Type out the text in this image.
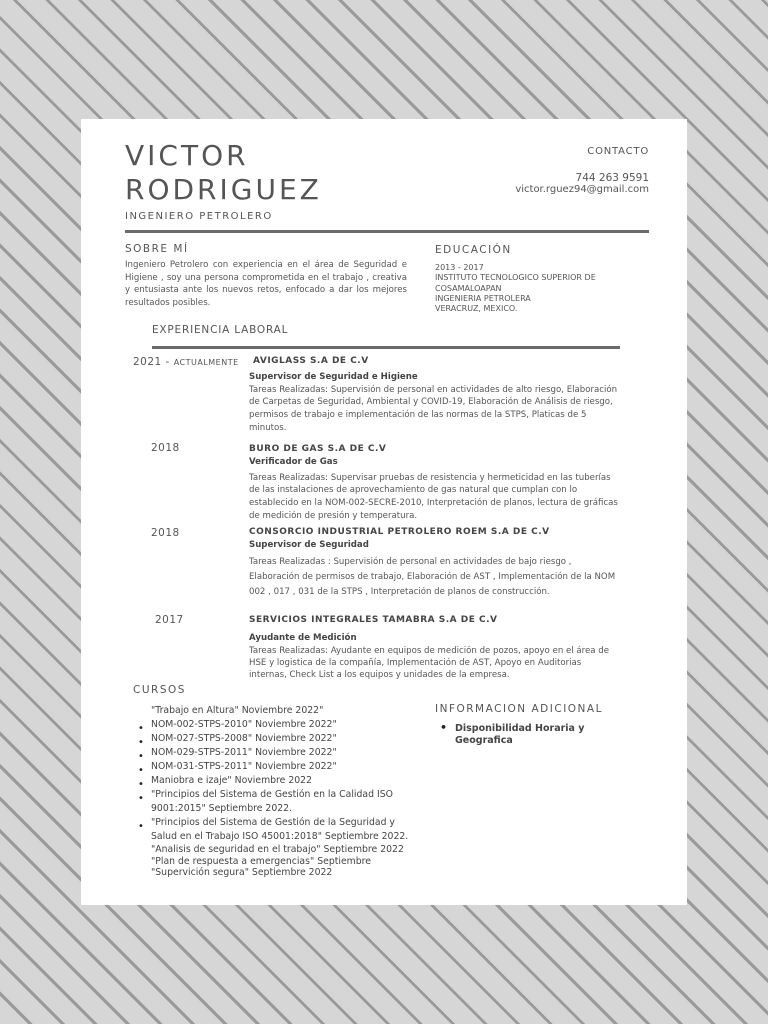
VICTOR
RODRIGUEZ
INGENIERO PETROLERO
CONTACTO
744 263 9591
victor.rguez94@gmail.com
SOBRE MÍ

Ingeniero Petrolero con experiencia en el área de Seguridad e Higiene , soy una persona comprometida en el trabajo , creativa y entusiasta ante los nuevos retos, enfocado a dar los mejores resultados posibles.

EDUCACIÓN
2013 - 2017
INSTITUTO TECNOLOGICO SUPERIOR DE
COSAMALOAPAN
INGENIERIA PETROLERA
VERACRUZ, MEXICO.
EXPERIENCIA LABORAL
2021 - ACTUALMENTE AVIGLASS S.A DE C.V
Supervisor de Seguridad e Higiene
Tareas Realizadas: Supervisión de personal en actividades de alto riesgo, Elaboración de Carpetas de Seguridad, Ambiental y COVID-19, Elaboración de Análisis de riesgo, permisos de trabajo e implementación de las normas de la STPS, Platicas de 5 minutos.
2018	BURO DE GAS S.A DE C.V
Verificador de Gas
Tareas Realizadas: Supervisar pruebas de resistencia y hermeticidad en las tuberías de las instalaciones de aprovechamiento de gas natural que cumplan con lo establecido en la NOM-002-SECRE-2010, Interpretación de planos, lectura de gráficas de medición de presión y temperatura.
2018	CONSORCIO INDUSTRIAL PETROLERO ROEM S.A DE C.V
Supervisor de Seguridad
Tareas Realizadas : Supervisión de personal en actividades de bajo riesgo , Elaboración de permisos de trabajo, Elaboración de AST , Implementación de la NOM 002 , 017 , 031 de la STPS , Interpretación de planos de construcción.
2017	SERVICIOS INTEGRALES TAMABRA S.A DE C.V
Ayudante de Medición
Tareas Realizadas: Ayudante en equipos de medición de pozos, apoyo en el área de HSE y logistica de la compañía, Implementación de AST, Apoyo en Auditorias internas, Check List a los equipos y unidades de la empresa.
CURSOS
"Trabajo en Altura" Noviembre 2022"
• NOM-002-STPS-2010" Noviembre 2022"
• NOM-027-STPS-2008" Noviembre 2022"
• NOM-029-STPS-2011" Noviembre 2022"
• NOM-031-STPS-2011" Noviembre 2022"
• Maniobra e izaje" Noviembre 2022
• "Principios del Sistema de Gestión en la Calidad ISO 9001:2015" Septiembre 2022.
• "Principios del Sistema de Gestión de la Seguridad y Salud en el Trabajo ISO 45001:2018" Septiembre 2022.
"Analisis de seguridad en el trabajo" Septiembre 2022
"Plan de respuesta a emergencias" Septiembre
"Supervición segura" Septiembre 2022
INFORMACION ADICIONAL
• Disponibilidad Horaria y Geografica
